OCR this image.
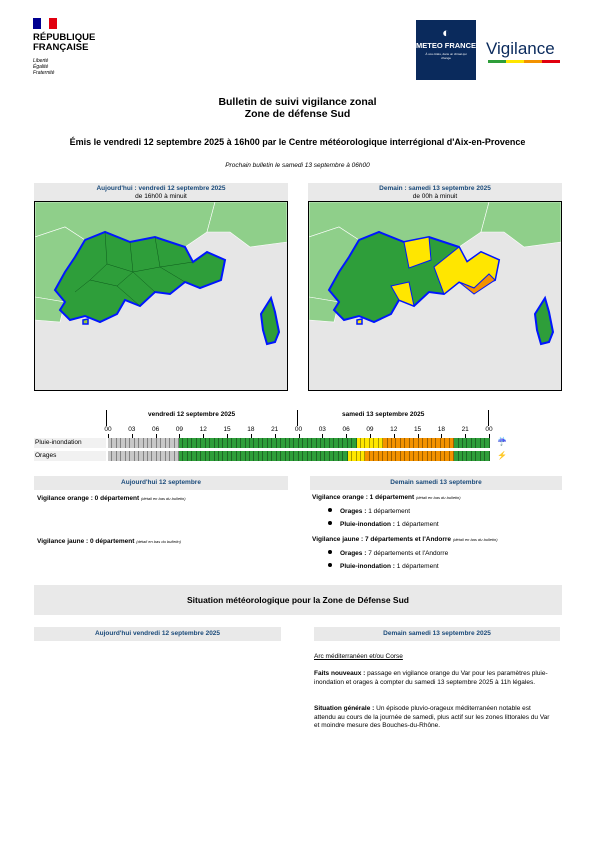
RÉPUBLIQUE
FRANÇAISE
Liberté
Égalité
Fraternité
◐
METEO FRANCE
À vos côtés, dans un climat qui change	Vigilance
Bulletin de suivi vigilance zonal
Zone de défense Sud
Émis le vendredi 12 septembre 2025 à 16h00 par le Centre météorologique interrégional d'Aix-en-Provence
Prochain bulletin le samedi 13 septembre à 06h00
Aujourd'hui : vendredi 12 septembre 2025
de 16h00 à minuit
Demain : samedi 13 septembre 2025
de 00h à minuit
vendredi 12 septembre 2025	samedi 13 septembre 2025
00	03	06	09	12	15	18	21	00	03	06	09	12	15	18	21	00
Pluie-inondation	☔
Orages	⚡
Aujourd'hui 12 septembre
Vigilance orange : 0 département (détail en bas du bulletin)
Vigilance jaune : 0 département (détail en bas du bulletin)
Demain samedi 13 septembre
Vigilance orange : 1 département (détail en bas du bulletin)
Orages : 1 département
Pluie-inondation : 1 département
Vigilance jaune : 7 départements et l'Andorre (détail en bas du bulletin)
Orages : 7 départements et l'Andorre
Pluie-inondation : 1 département
Situation météorologique pour la Zone de Défense Sud
Aujourd'hui vendredi 12 septembre 2025	Demain samedi 13 septembre 2025
Arc méditerranéen et/ou Corse
Faits nouveaux : passage en vigilance orange du Var pour les paramètres pluie-inondation et orages à compter du samedi 13 septembre 2025 à 11h légales.
Situation générale : Un épisode pluvio-orageux méditerranéen notable est attendu au cours de la journée de samedi, plus actif sur les zones littorales du Var et moindre mesure des Bouches-du-Rhône.
